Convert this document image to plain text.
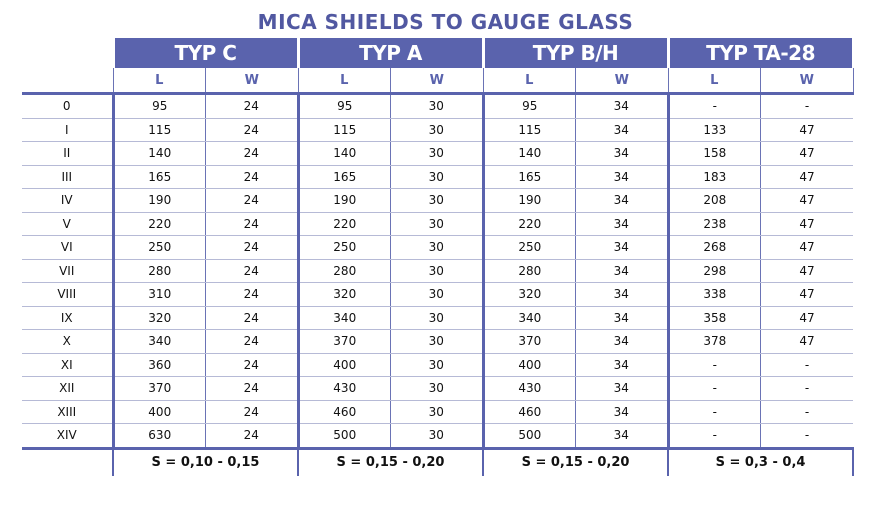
MICA SHIELDS TO GAUGE GLASS
	TYP C		TYP A		TYP B/H		TYP TA-28	
	L	W	L	W	L	W	L	W
0	95	24	95	30	95	34	-	-
I	115	24	115	30	115	34	133	47
II	140	24	140	30	140	34	158	47
III	165	24	165	30	165	34	183	47
IV	190	24	190	30	190	34	208	47
V	220	24	220	30	220	34	238	47
VI	250	24	250	30	250	34	268	47
VII	280	24	280	30	280	34	298	47
VIII	310	24	320	30	320	34	338	47
IX	320	24	340	30	340	34	358	47
X	340	24	370	30	370	34	378	47
XI	360	24	400	30	400	34	-	-
XII	370	24	430	30	430	34	-	-
XIII	400	24	460	30	460	34	-	-
XIV	630	24	500	30	500	34	-	-
	S = 0,10 - 0,15		S = 0,15 - 0,20		S = 0,15 - 0,20		S = 0,3 - 0,4	
